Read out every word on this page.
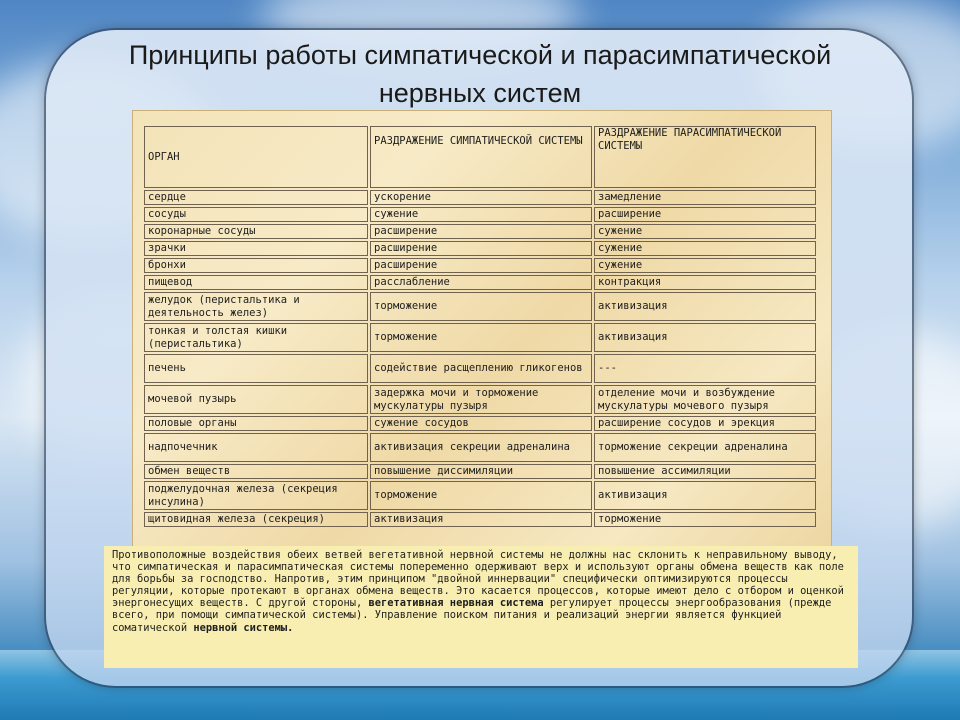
Принципы работы симпатической и парасимпатической
нервных систем
ОРГАН	РАЗДРАЖЕНИЕ СИМПАТИЧЕСКОЙ СИСТЕМЫ	РАЗДРАЖЕНИЕ ПАРАСИМПАТИЧЕСКОЙ СИСТЕМЫ
сердце	ускорение	замедление
сосуды	сужение	расширение
коронарные сосуды	расширение	сужение
зрачки	расширение	сужение
бронхи	расширение	сужение
пищевод	расслабление	контракция
желудок (перистальтика и деятельность желез)	торможение	активизация
тонкая и толстая кишки (перистальтика)	торможение	активизация
печень	содействие расщеплению гликогенов	---
мочевой пузырь	задержка мочи и торможение мускулатуры пузыря	отделение мочи и возбуждение мускулатуры мочевого пузыря
половые органы	сужение сосудов	расширение сосудов и эрекция
надпочечник	активизация секреции адреналина	торможение секреции адреналина
обмен веществ	повышение диссимиляции	повышение ассимиляции
поджелудочная железа (секреция инсулина)	торможение	активизация
щитовидная железа (секреция)	активизация	торможение
Противоположные воздействия обеих ветвей вегетативной нервной системы не должны нас склонить к неправильному выводу, что симпатическая и парасимпатическая системы попеременно одерживают верх и используют органы обмена веществ как поле для борьбы за господство. Напротив, этим принципом "двойной иннервации" специфически оптимизируются процессы регуляции, которые протекают в органах обмена веществ. Это касается процессов, которые имеют дело с отбором и оценкой энергонесущих веществ. С другой стороны, вегетативная нервная система регулирует процессы энергообразования (прежде всего, при помощи симпатической системы). Управление поиском питания и реализаций энергии является функцией соматической нервной системы.
